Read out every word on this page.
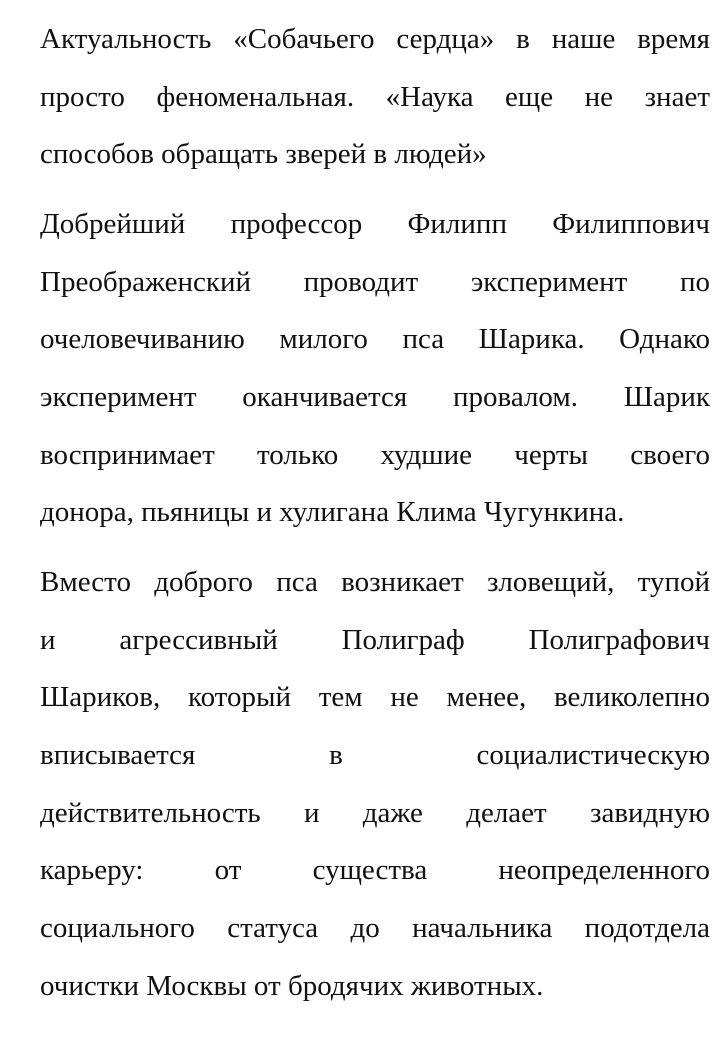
Актуальность «Собачьего сердца» в наше время
просто феноменальная. «Наука еще не знает
способов обращать зверей в людей»

Добрейший профессор Филипп Филиппович
Преображенский проводит эксперимент по
очеловечиванию милого пса Шарика. Однако
эксперимент оканчивается провалом. Шарик
воспринимает только худшие черты своего
донора, пьяницы и хулигана Клима Чугункина.

Вместо доброго пса возникает зловещий, тупой
и агрессивный Полиграф Полиграфович
Шариков, который тем не менее, великолепно
вписывается в социалистическую
действительность и даже делает завидную
карьеру: от существа неопределенного
социального статуса до начальника подотдела
очистки Москвы от бродячих животных.
